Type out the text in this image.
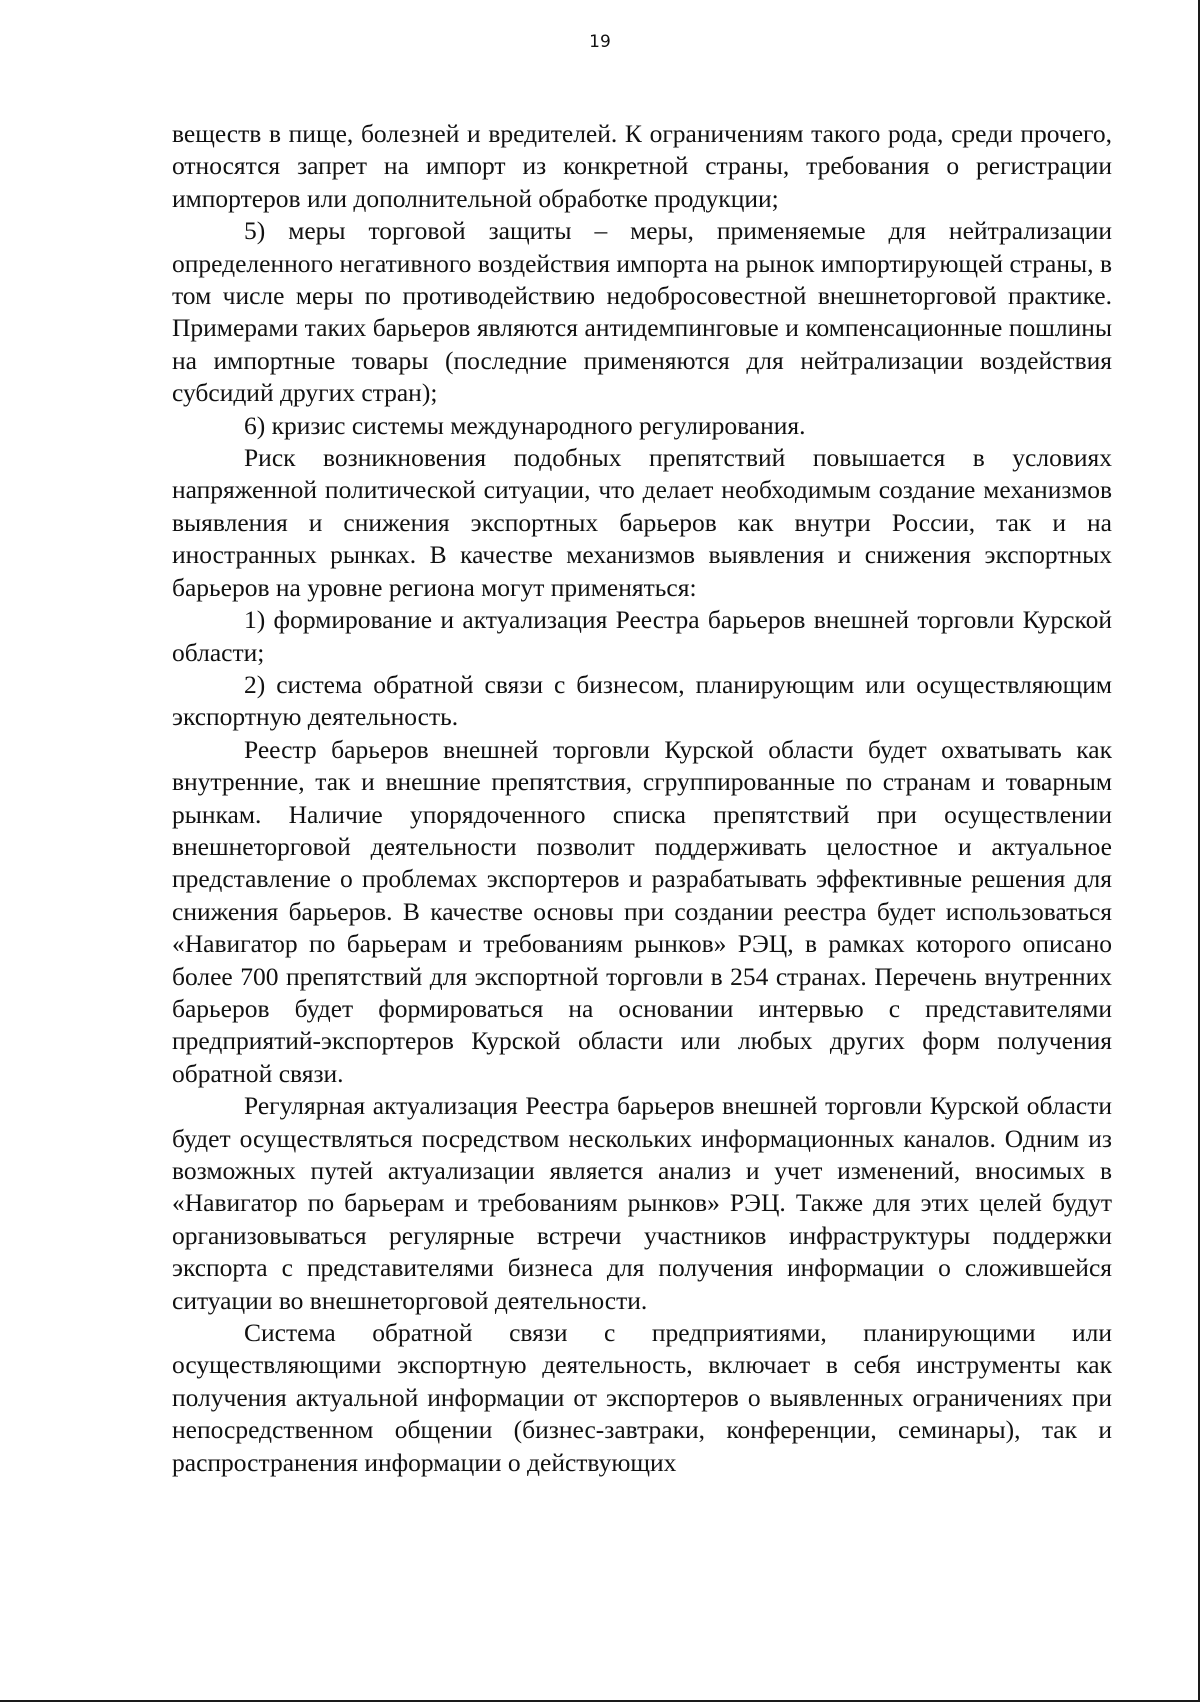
19

веществ в пище, болезней и вредителей. К ограничениям такого рода, среди прочего, относятся запрет на импорт из конкретной страны, требования о регистрации импортеров или дополнительной обработке продукции;

5) меры торговой защиты – меры, применяемые для нейтрализации определенного негативного воздействия импорта на рынок импортирующей страны, в том числе меры по противодействию недобросовестной внешнеторговой практике. Примерами таких барьеров являются антидемпинговые и компенсационные пошлины на импортные товары (последние применяются для нейтрализации воздействия субсидий других стран);

6) кризис системы международного регулирования.

Риск возникновения подобных препятствий повышается в условиях напряженной политической ситуации, что делает необходимым создание механизмов выявления и снижения экспортных барьеров как внутри России, так и на иностранных рынках. В качестве механизмов выявления и снижения экспортных барьеров на уровне региона могут применяться:

1) формирование и актуализация Реестра барьеров внешней торговли Курской области;

2) система обратной связи с бизнесом, планирующим или осуществляющим экспортную деятельность.

Реестр барьеров внешней торговли Курской области будет охватывать как внутренние, так и внешние препятствия, сгруппированные по странам и товарным рынкам. Наличие упорядоченного списка препятствий при осуществлении внешнеторговой деятельности позволит поддерживать целостное и актуальное представление о проблемах экспортеров и разрабатывать эффективные решения для снижения барьеров. В качестве основы при создании реестра будет использоваться «Навигатор по барьерам и требованиям рынков» РЭЦ, в рамках которого описано более 700 препятствий для экспортной торговли в 254 странах. Перечень внутренних барьеров будет формироваться на основании интервью с представителями предприятий-экспортеров Курской области или любых других форм получения обратной связи.

Регулярная актуализация Реестра барьеров внешней торговли Курской области будет осуществляться посредством нескольких информационных каналов. Одним из возможных путей актуализации является анализ и учет изменений, вносимых в «Навигатор по барьерам и требованиям рынков» РЭЦ. Также для этих целей будут организовываться регулярные встречи участников инфраструктуры поддержки экспорта с представителями бизнеса для получения информации о сложившейся ситуации во внешнеторговой деятельности.

Система обратной связи с предприятиями, планирующими или осуществляющими экспортную деятельность, включает в себя инструменты как получения актуальной информации от экспортеров о выявленных ограничениях при непосредственном общении (бизнес-завтраки, конференции, семинары), так и распространения информации о действующих
